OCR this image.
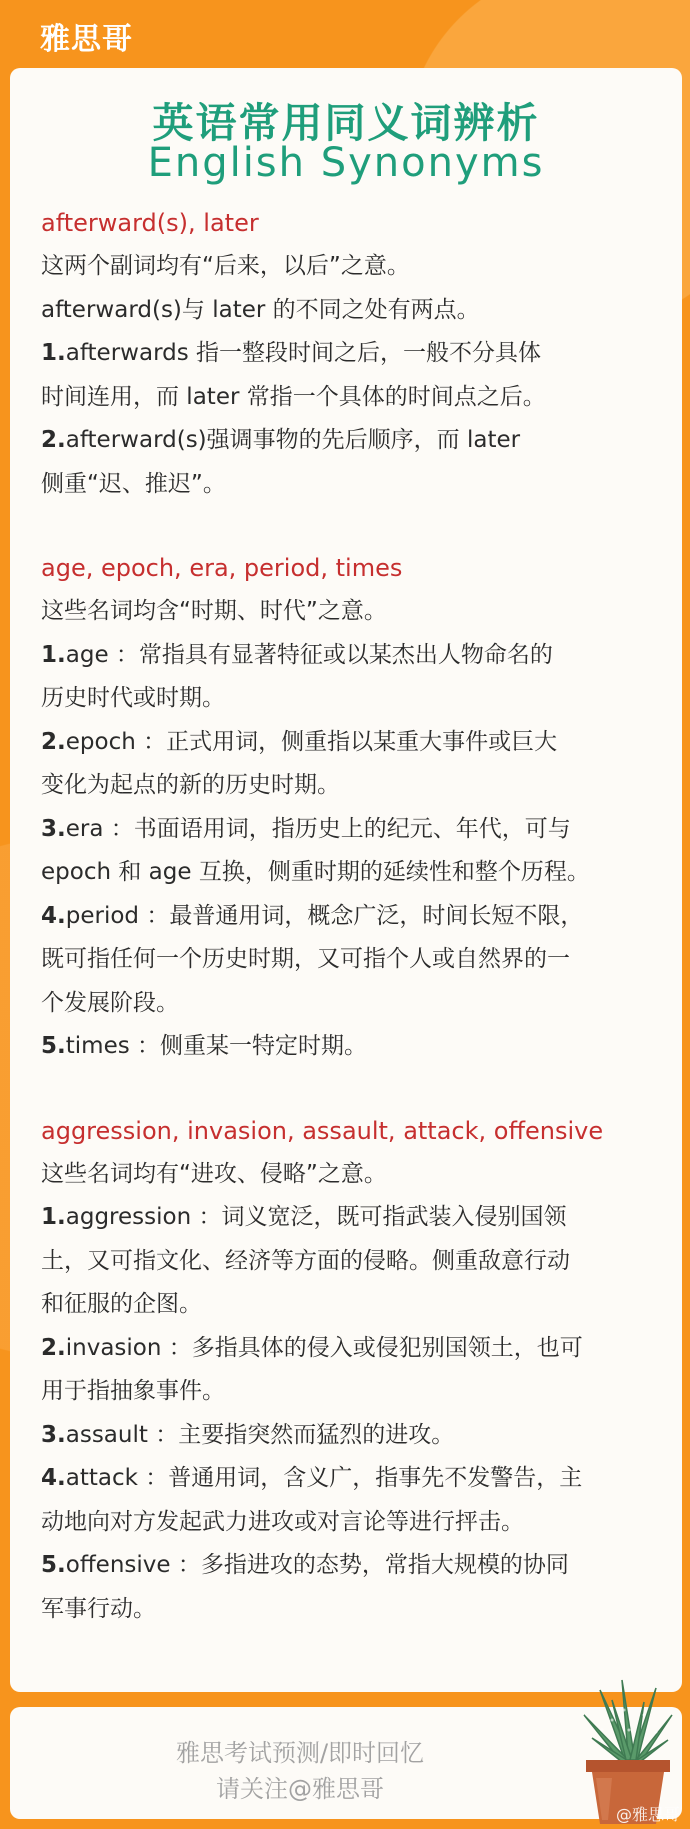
雅思哥
英语常用同义词辨析
English Synonyms
afterward(s), later
这两个副词均有“后来，以后”之意。
afterward(s)与 later 的不同之处有两点。
1.afterwards 指一整段时间之后，一般不分具体
时间连用，而 later 常指一个具体的时间点之后。
2.afterward(s)强调事物的先后顺序，而 later
侧重“迟、推迟”。
age, epoch, era, period, times
这些名词均含“时期、时代”之意。
1.age ：常指具有显著特征或以某杰出人物命名的
历史时代或时期。
2.epoch ：正式用词，侧重指以某重大事件或巨大
变化为起点的新的历史时期。
3.era ：书面语用词，指历史上的纪元、年代，可与
epoch 和 age 互换，侧重时期的延续性和整个历程。
4.period ：最普通用词，概念广泛，时间长短不限，
既可指任何一个历史时期，又可指个人或自然界的一
个发展阶段。
5.times ：侧重某一特定时期。
aggression, invasion, assault, attack, offensive
这些名词均有“进攻、侵略”之意。
1.aggression ：词义宽泛，既可指武装入侵别国领
土，又可指文化、经济等方面的侵略。侧重敌意行动
和征服的企图。
2.invasion ：多指具体的侵入或侵犯别国领土，也可
用于指抽象事件。
3.assault ：主要指突然而猛烈的进攻。
4.attack ：普通用词，含义广，指事先不发警告，主
动地向对方发起武力进攻或对言论等进行抨击。
5.offensive ：多指进攻的态势，常指大规模的协同
军事行动。
雅思考试预测/即时回忆
请关注@雅思哥
@雅思哥
